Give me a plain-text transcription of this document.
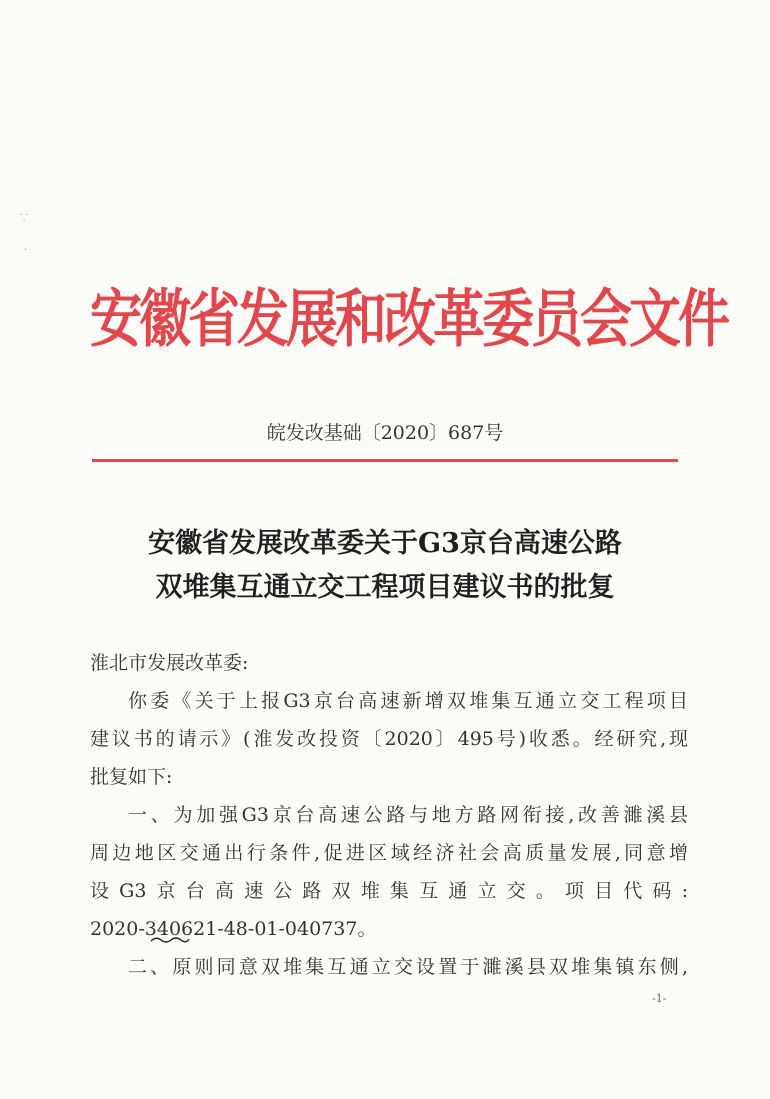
⸪
·
安徽省发展和改革委员会文件
皖发改基础〔2020〕687号
安徽省发展改革委关于G3京台高速公路
双堆集互通立交工程项目建议书的批复

淮北市发展改革委:

你委《关于上报G3京台高速新增双堆集互通立交工程项目

建议书的请示》(淮发改投资〔2020〕495号)收悉。经研究,现

批复如下:

一、为加强G3京台高速公路与地方路网衔接,改善濉溪县

周边地区交通出行条件,促进区域经济社会高质量发展,同意增

设G3京台高速公路双堆集互通立交。项目代码:

2020-340621-48-01-040737。

二、原则同意双堆集互通立交设置于濉溪县双堆集镇东侧,

-1-
